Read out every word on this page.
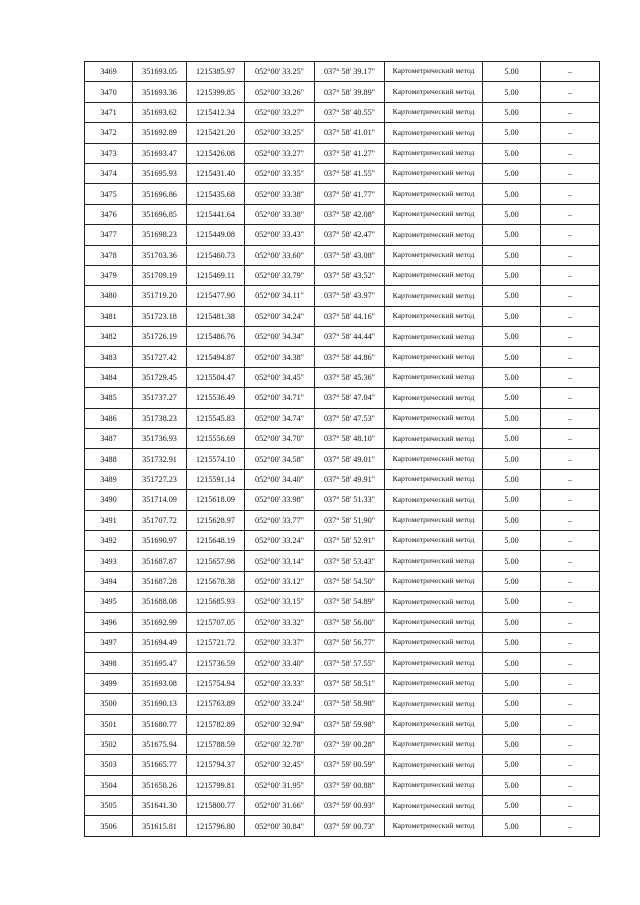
3469	351693.05	1215385.97	052°00' 33.25"	037° 58' 39.17"	Картометрический метод	5.00	–
3470	351693.36	1215399.85	052°00' 33.26"	037° 58' 39.89"	Картометрический метод	5.00	–
3471	351693.62	1215412.34	052°00' 33.27"	037° 58' 40.55"	Картометрический метод	5.00	–
3472	351692.89	1215421.20	052°00' 33.25"	037° 58' 41.01"	Картометрический метод	5.00	–
3473	351693.47	1215426.08	052°00' 33.27"	037° 58' 41.27"	Картометрический метод	5.00	–
3474	351695.93	1215431.40	052°00' 33.35"	037° 58' 41.55"	Картометрический метод	5.00	–
3475	351696.86	1215435.68	052°00' 33.38"	037° 58' 41.77"	Картометрический метод	5.00	–
3476	351696.85	1215441.64	052°00' 33.38"	037° 58' 42.08"	Картометрический метод	5.00	–
3477	351698.23	1215449.08	052°00' 33.43"	037° 58' 42.47"	Картометрический метод	5.00	–
3478	351703.36	1215460.73	052°00' 33.60"	037° 58' 43.08"	Картометрический метод	5.00	–
3479	351709.19	1215469.11	052°00' 33.79"	037° 58' 43.52"	Картометрический метод	5.00	–
3480	351719.20	1215477.90	052°00' 34.11"	037° 58' 43.97"	Картометрический метод	5.00	–
3481	351723.18	1215481.38	052°00' 34.24"	037° 58' 44.16"	Картометрический метод	5.00	–
3482	351726.19	1215486.76	052°00' 34.34"	037° 58' 44.44"	Картометрический метод	5.00	–
3483	351727.42	1215494.87	052°00' 34.38"	037° 58' 44.86"	Картометрический метод	5.00	–
3484	351729.45	1215504.47	052°00' 34.45"	037° 58' 45.36"	Картометрический метод	5.00	–
3485	351737.27	1215536.49	052°00' 34.71"	037° 58' 47.04"	Картометрический метод	5.00	–
3486	351738.23	1215545.83	052°00' 34.74"	037° 58' 47.53"	Картометрический метод	5.00	–
3487	351736.93	1215556.69	052°00' 34.70"	037° 58' 48.10"	Картометрический метод	5.00	–
3488	351732.91	1215574.10	052°00' 34.58"	037° 58' 49.01"	Картометрический метод	5.00	–
3489	351727.23	1215591.14	052°00' 34.40"	037° 58' 49.91"	Картометрический метод	5.00	–
3490	351714.09	1215618.09	052°00' 33.98"	037° 58' 51.33"	Картометрический метод	5.00	–
3491	351707.72	1215628.97	052°00' 33.77"	037° 58' 51.90"	Картометрический метод	5.00	–
3492	351690.97	1215648.19	052°00' 33.24"	037° 58' 52.91"	Картометрический метод	5.00	–
3493	351687.87	1215657.98	052°00' 33.14"	037° 58' 53.43"	Картометрический метод	5.00	–
3494	351687.28	1215678.38	052°00' 33.12"	037° 58' 54.50"	Картометрический метод	5.00	–
3495	351688.08	1215685.93	052°00' 33.15"	037° 58' 54.89"	Картометрический метод	5.00	–
3496	351692.99	1215707.05	052°00' 33.32"	037° 58' 56.00"	Картометрический метод	5.00	–
3497	351694.49	1215721.72	052°00' 33.37"	037° 58' 56.77"	Картометрический метод	5.00	–
3498	351695.47	1215736.59	052°00' 33.40"	037° 58' 57.55"	Картометрический метод	5.00	–
3499	351693.08	1215754.94	052°00' 33.33"	037° 58' 58.51"	Картометрический метод	5.00	–
3500	351690.13	1215763.89	052°00' 33.24"	037° 58' 58.98"	Картометрический метод	5.00	–
3501	351680.77	1215782.89	052°00' 32.94"	037° 58' 59.98"	Картометрический метод	5.00	–
3502	351675.94	1215788.59	052°00' 32.78"	037° 59' 00.28"	Картометрический метод	5.00	–
3503	351665.77	1215794.37	052°00' 32.45"	037° 59' 00.59"	Картометрический метод	5.00	–
3504	351650.26	1215799.81	052°00' 31.95"	037° 59' 00.88"	Картометрический метод	5.00	–
3505	351641.30	1215800.77	052°00' 31.66"	037° 59' 00.93"	Картометрический метод	5.00	–
3506	351615.81	1215796.80	052°00' 30.84"	037° 59' 00.73"	Картометрический метод	5.00	–
